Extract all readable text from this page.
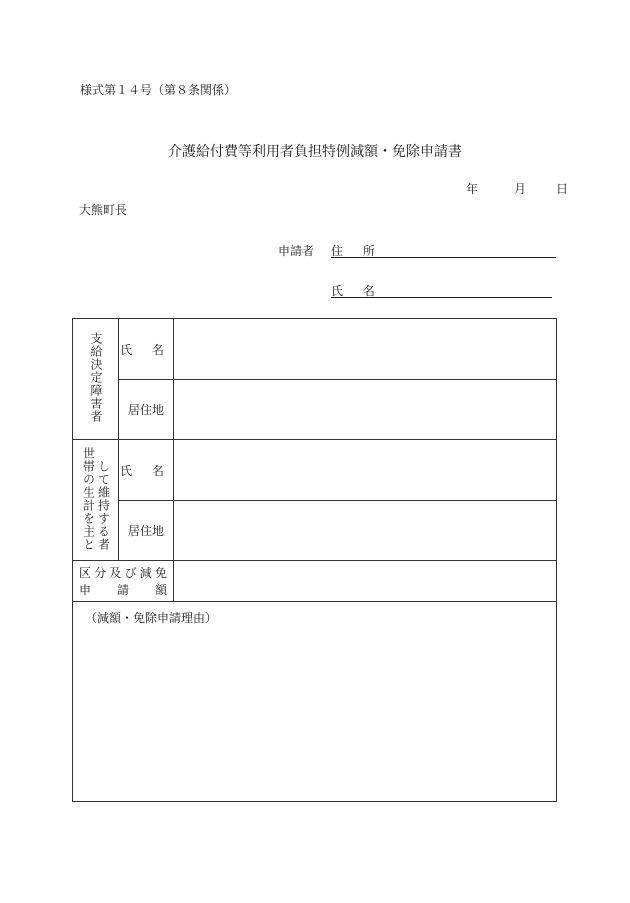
様式第１４号（第８条関係）
介護給付費等利用者負担特例減額・免除申請書
年	月	日
大熊町長
申請者 住 所
氏 名
支給決定障害者	氏 名	
	居住地	
世帯の生計を主として維持する者	氏 名	
	居住地	

区分及び減免
申請額		

（減額・免除申請理由）		
